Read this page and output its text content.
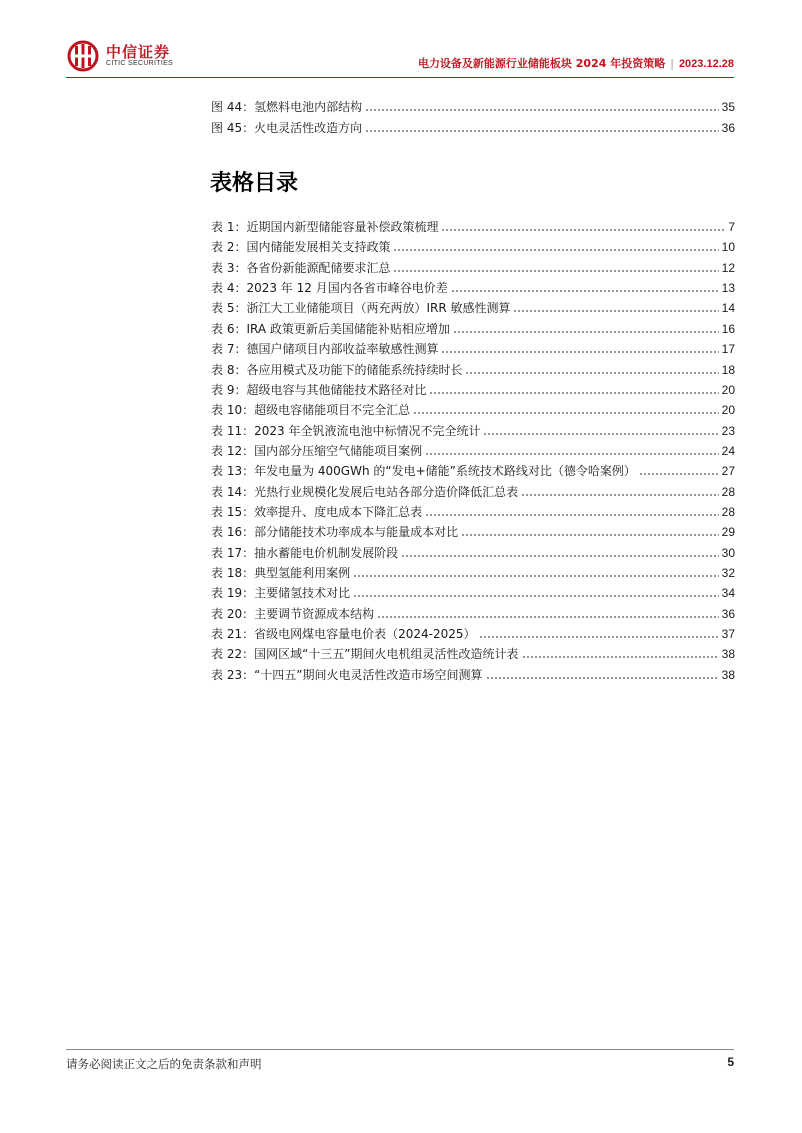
中信证券
CITIC SECURITIES	电力设备及新能源行业储能板块 2024 年投资策略 | 2023.12.28
图 44：氢燃料电池内部结构	35
图 45：火电灵活性改造方向	36
表格目录
表 1：近期国内新型储能容量补偿政策梳理	7
表 2：国内储能发展相关支持政策	10
表 3：各省份新能源配储要求汇总	12
表 4：2023 年 12 月国内各省市峰谷电价差	13
表 5：浙江大工业储能项目（两充两放）IRR 敏感性测算	14
表 6：IRA 政策更新后美国储能补贴相应增加	16
表 7：德国户储项目内部收益率敏感性测算	17
表 8：各应用模式及功能下的储能系统持续时长	18
表 9：超级电容与其他储能技术路径对比	20
表 10：超级电容储能项目不完全汇总	20
表 11：2023 年全钒液流电池中标情况不完全统计	23
表 12：国内部分压缩空气储能项目案例	24
表 13：年发电量为 400GWh 的“发电+储能”系统技术路线对比（德令哈案例）	27
表 14：光热行业规模化发展后电站各部分造价降低汇总表	28
表 15：效率提升、度电成本下降汇总表	28
表 16：部分储能技术功率成本与能量成本对比	29
表 17：抽水蓄能电价机制发展阶段	30
表 18：典型氢能利用案例	32
表 19：主要储氢技术对比	34
表 20：主要调节资源成本结构	36
表 21：省级电网煤电容量电价表（2024-2025）	37
表 22：国网区域“十三五”期间火电机组灵活性改造统计表	38
表 23：“十四五”期间火电灵活性改造市场空间测算	38
请务必阅读正文之后的免责条款和声明	5
